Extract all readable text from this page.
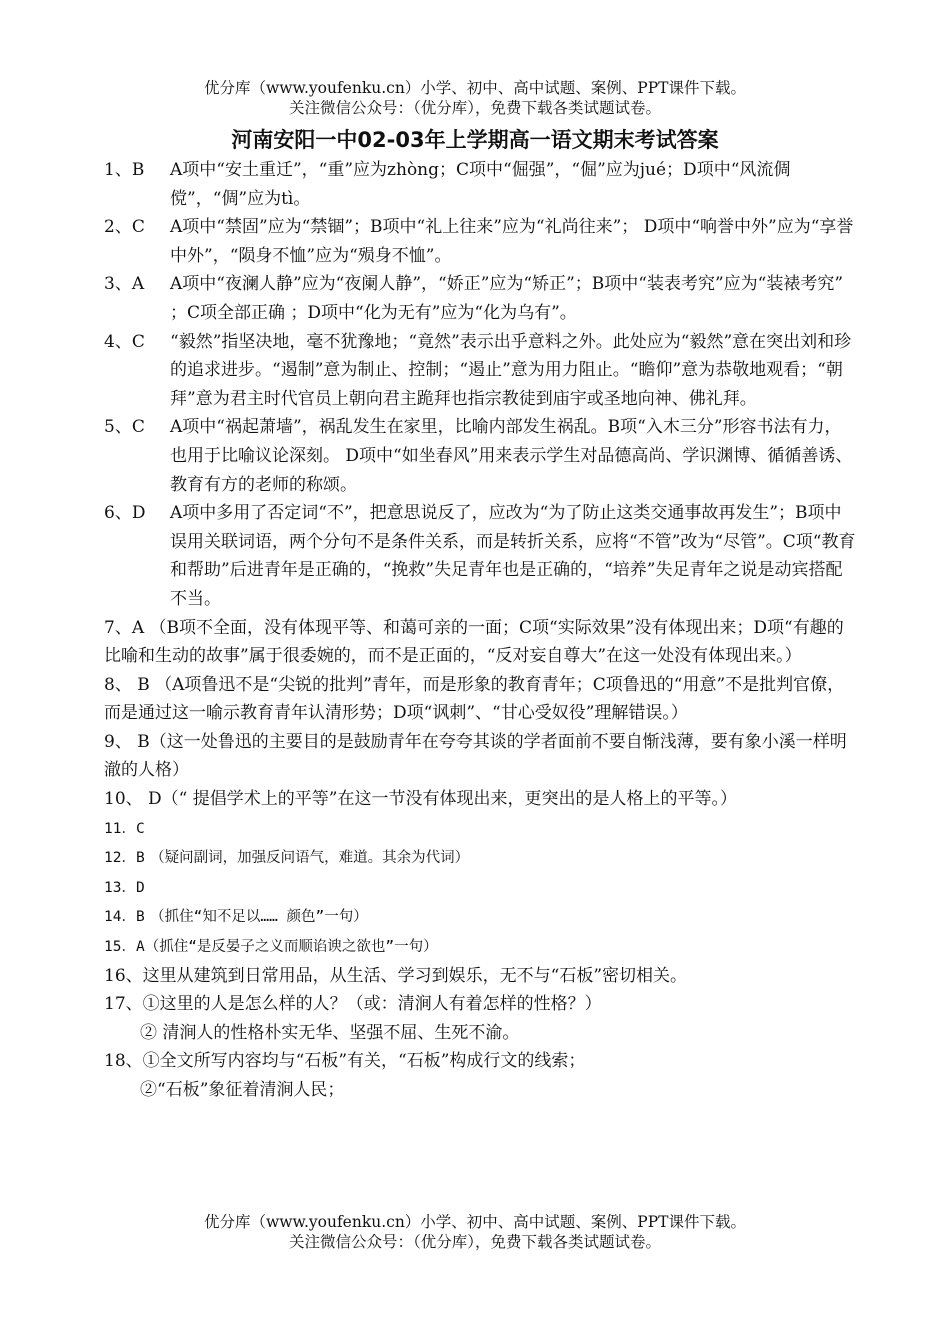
优分库（www.youfenku.cn）小学、初中、高中试题、案例、PPT课件下载。
关注微信公众号：（优分库），免费下载各类试题试卷。
河南安阳一中02-03年上学期高一语文期末考试答案
1、B A项中“安土重迁”，“重”应为zhòng；C项中“倔强”，“倔”应为jué；D项中“风流倜傥”，“倜”应为tì。
2、C A项中“禁固”应为“禁锢”；B项中“礼上往来”应为“礼尚往来”； D项中“响誉中外”应为“享誉中外”，“陨身不恤”应为“殒身不恤”。
3、A A项中“夜澜人静”应为“夜阑人静”，“娇正”应为“矫正”；B项中“装表考究”应为“装裱考究” ；C项全部正确 ；D项中“化为无有”应为“化为乌有”。
4、C “毅然”指坚决地，毫不犹豫地；“竟然”表示出乎意料之外。此处应为“毅然”意在突出刘和珍的追求进步。“遏制”意为制止、控制；“遏止”意为用力阻止。“瞻仰”意为恭敬地观看；“朝拜”意为君主时代官员上朝向君主跪拜也指宗教徒到庙宇或圣地向神、佛礼拜。
5、C A项中“祸起萧墙”，祸乱发生在家里，比喻内部发生祸乱。B项“入木三分”形容书法有力，也用于比喻议论深刻。 D项中“如坐春风”用来表示学生对品德高尚、学识渊博、循循善诱、教育有方的老师的称颂。
6、D A项中多用了否定词“不”，把意思说反了，应改为“为了防止这类交通事故再发生”；B项中误用关联词语，两个分句不是条件关系，而是转折关系，应将“不管”改为“尽管”。C项“教育和帮助”后进青年是正确的，“挽救”失足青年也是正确的，“培养”失足青年之说是动宾搭配不当。
7、A （B项不全面，没有体现平等、和蔼可亲的一面；C项“实际效果”没有体现出来；D项“有趣的比喻和生动的故事”属于很委婉的，而不是正面的，“反对妄自尊大”在这一处没有体现出来。）
8、 B （A项鲁迅不是“尖锐的批判”青年，而是形象的教育青年；C项鲁迅的“用意”不是批判官僚，而是通过这一喻示教育青年认清形势；D项“讽刺”、“甘心受奴役”理解错误。）
9、 B（这一处鲁迅的主要目的是鼓励青年在夸夸其谈的学者面前不要自惭浅薄，要有象小溪一样明澈的人格）
10、 D（“ 提倡学术上的平等”在这一节没有体现出来，更突出的是人格上的平等。）
11．C
12．B （疑问副词，加强反问语气，难道。其余为代词）
13．D
14．B （抓住“知不足以…… 颜色”一句）
15．A（抓住“是反晏子之义而顺谄谀之欲也”一句）
16、这里从建筑到日常用品，从生活、学习到娱乐，无不与“石板”密切相关。
17、①这里的人是怎么样的人？（或：清涧人有着怎样的性格？）
② 清涧人的性格朴实无华、坚强不屈、生死不渝。
18、①全文所写内容均与“石板”有关，“石板”构成行文的线索；
②“石板”象征着清涧人民；
优分库（www.youfenku.cn）小学、初中、高中试题、案例、PPT课件下载。
关注微信公众号：（优分库），免费下载各类试题试卷。
